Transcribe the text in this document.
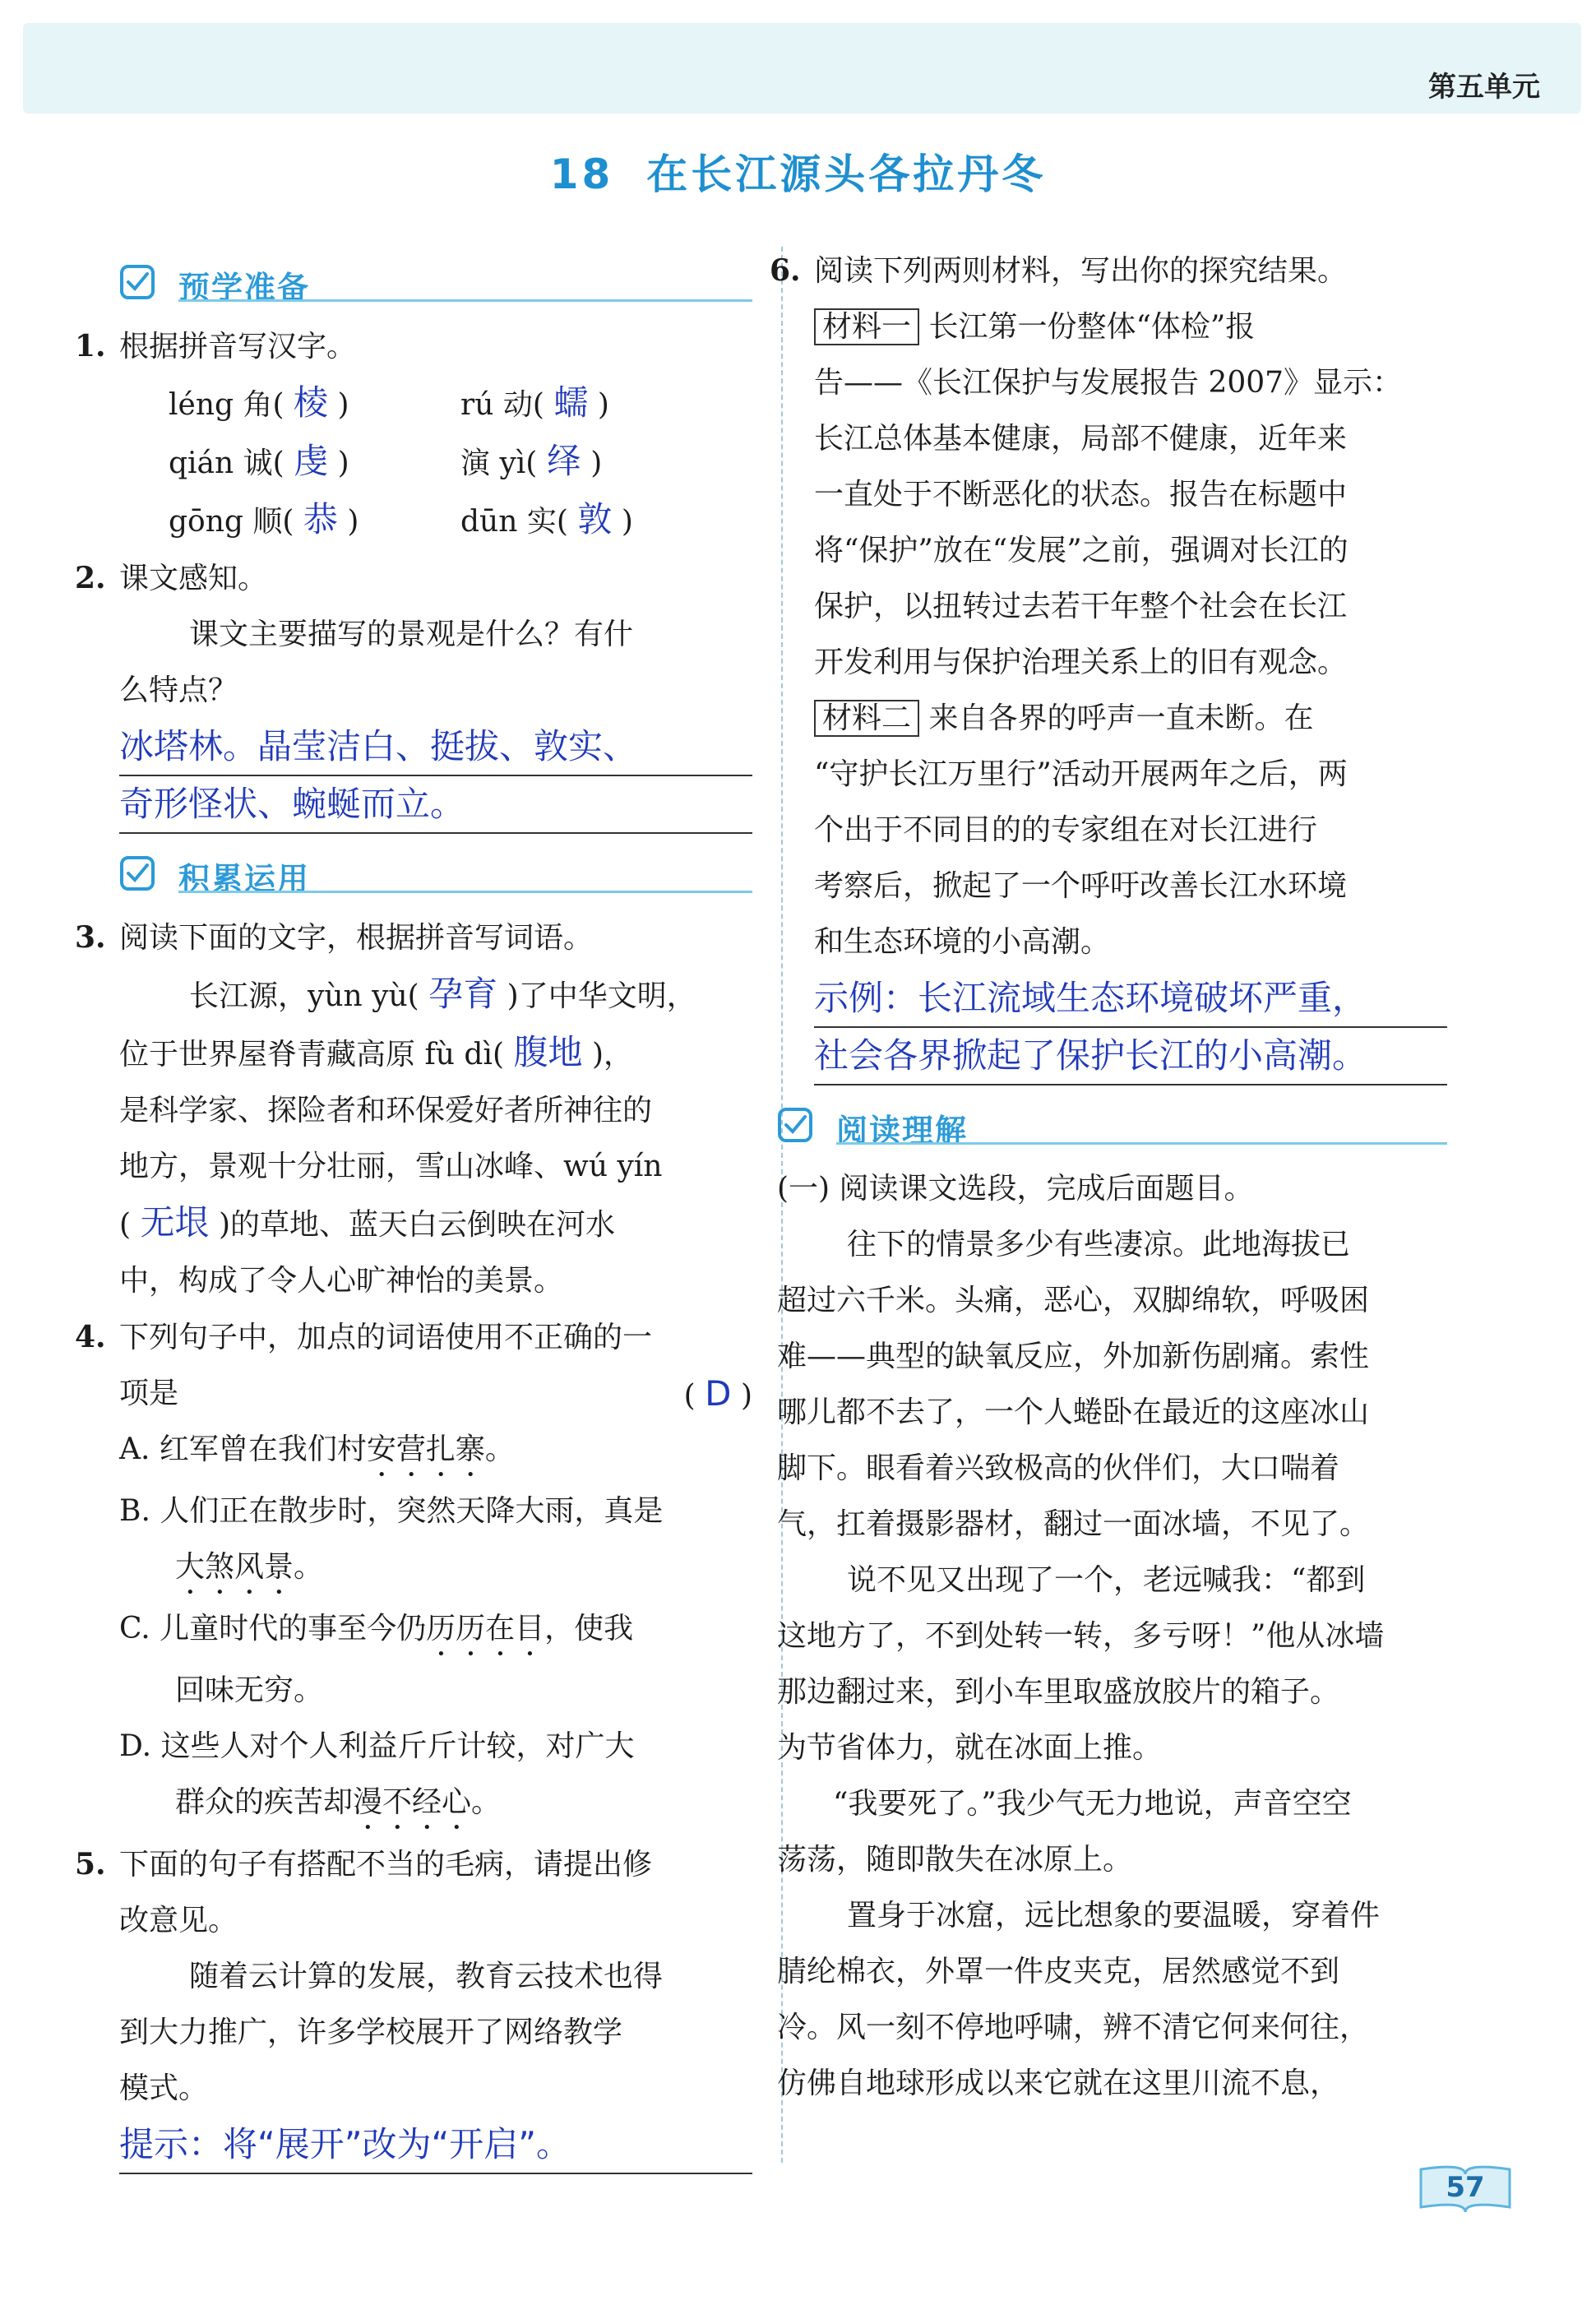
第五单元
18 在长江源头各拉丹冬
预学准备
1. 根据拼音写汉字。
léng 角( 棱 )	rú 动( 蠕 )
qián 诚( 虔 )	演 yì( 绎 )
gōng 顺( 恭 )	dūn 实( 敦 )
2. 课文感知。
课文主要描写的景观是什么？有什
么特点？
冰塔林。晶莹洁白、挺拔、敦实、
奇形怪状、蜿蜒而立。
积累运用
3. 阅读下面的文字，根据拼音写词语。
长江源，yùn yù( 孕育 )了中华文明，
位于世界屋脊青藏高原 fù dì( 腹地 )，
是科学家、探险者和环保爱好者所神往的
地方，景观十分壮丽，雪山冰峰、wú yín
( 无垠 )的草地、蓝天白云倒映在河水
中，构成了令人心旷神怡的美景。
4. 下列句子中，加点的词语使用不正确的一
项是	( D )
A. 红军曾在我们村安营扎寨。
B. 人们正在散步时，突然天降大雨，真是
大煞风景。
C. 儿童时代的事至今仍历历在目，使我
回味无穷。
D. 这些人对个人利益斤斤计较，对广大
群众的疾苦却漫不经心。
5. 下面的句子有搭配不当的毛病，请提出修
改意见。
随着云计算的发展，教育云技术也得
到大力推广，许多学校展开了网络教学
模式。
提示：将“展开”改为“开启”。
6. 阅读下列两则材料，写出你的探究结果。
材料一 长江第一份整体“体检”报
告——《长江保护与发展报告 2007》显示：
长江总体基本健康，局部不健康，近年来
一直处于不断恶化的状态。报告在标题中
将“保护”放在“发展”之前，强调对长江的
保护，以扭转过去若干年整个社会在长江
开发利用与保护治理关系上的旧有观念。
材料二 来自各界的呼声一直未断。在
“守护长江万里行”活动开展两年之后，两
个出于不同目的的专家组在对长江进行
考察后，掀起了一个呼吁改善长江水环境
和生态环境的小高潮。
示例：长江流域生态环境破坏严重，
社会各界掀起了保护长江的小高潮。
阅读理解
(一) 阅读课文选段，完成后面题目。
往下的情景多少有些凄凉。此地海拔已
超过六千米。头痛，恶心，双脚绵软，呼吸困
难——典型的缺氧反应，外加新伤剧痛。索性
哪儿都不去了，一个人蜷卧在最近的这座冰山
脚下。眼看着兴致极高的伙伴们，大口喘着
气，扛着摄影器材，翻过一面冰墙，不见了。
说不见又出现了一个，老远喊我：“都到
这地方了，不到处转一转，多亏呀！”他从冰墙
那边翻过来，到小车里取盛放胶片的箱子。
为节省体力，就在冰面上推。
“我要死了。”我少气无力地说，声音空空
荡荡，随即散失在冰原上。
置身于冰窟，远比想象的要温暖，穿着件
腈纶棉衣，外罩一件皮夹克，居然感觉不到
冷。风一刻不停地呼啸，辨不清它何来何往，
仿佛自地球形成以来它就在这里川流不息，
57
